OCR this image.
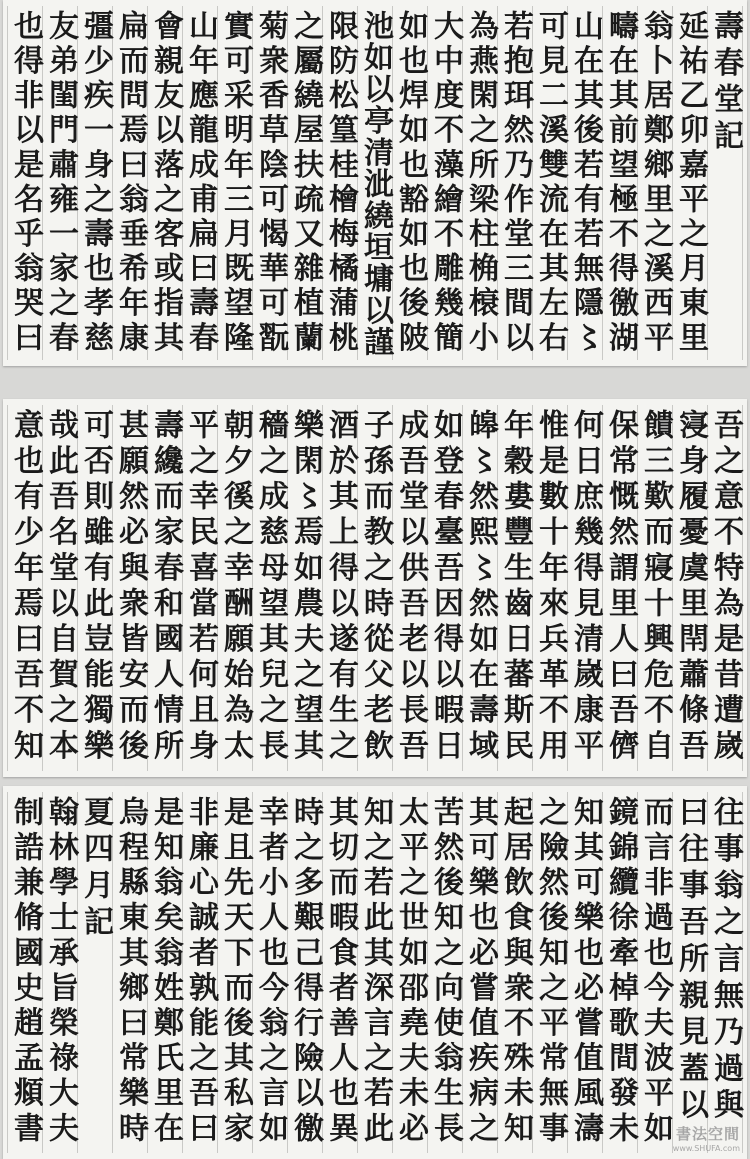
壽春堂記
延祐乙卯嘉平之月東里
翁卜居鄭鄉里之溪西平
疇在其前望極不得徼湖
山在其後若有若無隱〻
可見二溪雙流在其左右
若抱珥然乃作堂三間以
為燕閑之所梁柱桷榱小
大中度不藻繪不雕幾簡
如也焊如也豁如也後陂
池如以亭清泚繞垣墉以謹
限防松篁桂檜梅橘蒲桃
之屬繞屋扶疏又雜植蘭
菊衆香草陰可愒華可翫
實可采明年三月既望隆
山年應龍成甫扁曰壽春
會親友以落之客或指其
扁而問焉曰翁垂希年康
彊少疾一身之壽也孝慈
友弟閨門肅雍一家之春
也得非以是名乎翁哭曰
吾之意不特為是昔遭嵗
寖身履憂虞里閈蕭條吾
饋三歎而寢十興危不自
保常慨然謂里人曰吾儕
何日庶幾得見清嵗康平
惟是數十年來兵革不用
年穀婁豐生齒日蕃斯民
皞〻然熙〻然如在壽域
如登春臺吾因得以暇日
成吾堂以供吾老以長吾
子孫而教之時從父老飲
酒於其上得以遂有生之
樂閑〻焉如農夫之望其
穡之成慈母望其兒之長
朝夕徯之幸酬願始為太
平之幸民喜當若何且身
壽纔而家春和國人情所
甚願然必與衆皆安而後
可否則雖有此豈能獨樂
哉此吾名堂以自賀之本
意也有少年焉曰吾不知
往事翁之言無乃過與
曰往事吾所親見蓋以
而言非過也今夫波平如
鏡錦纜徐牽棹歌間發未
知其可樂也必嘗值風濤
之險然後知之平常無事
起居飲食與衆不殊未知
其可樂也必嘗值疾病之
苦然後知之向使翁生長
太平之世如邵堯夫未必
知之若此其深言之若此
其切而暇食者善人也異
時之多艱己得行險以徼
幸者小人也今翁之言如
是且先天下而後其私家
非廉心誠者孰能之吾曰
是知翁矣翁姓鄭氏里在
烏程縣東其鄉曰常樂時
夏四月記
翰林學士承旨榮祿大夫
制誥兼脩國史趙孟頫書	書法空間
www.SHUFA.com
